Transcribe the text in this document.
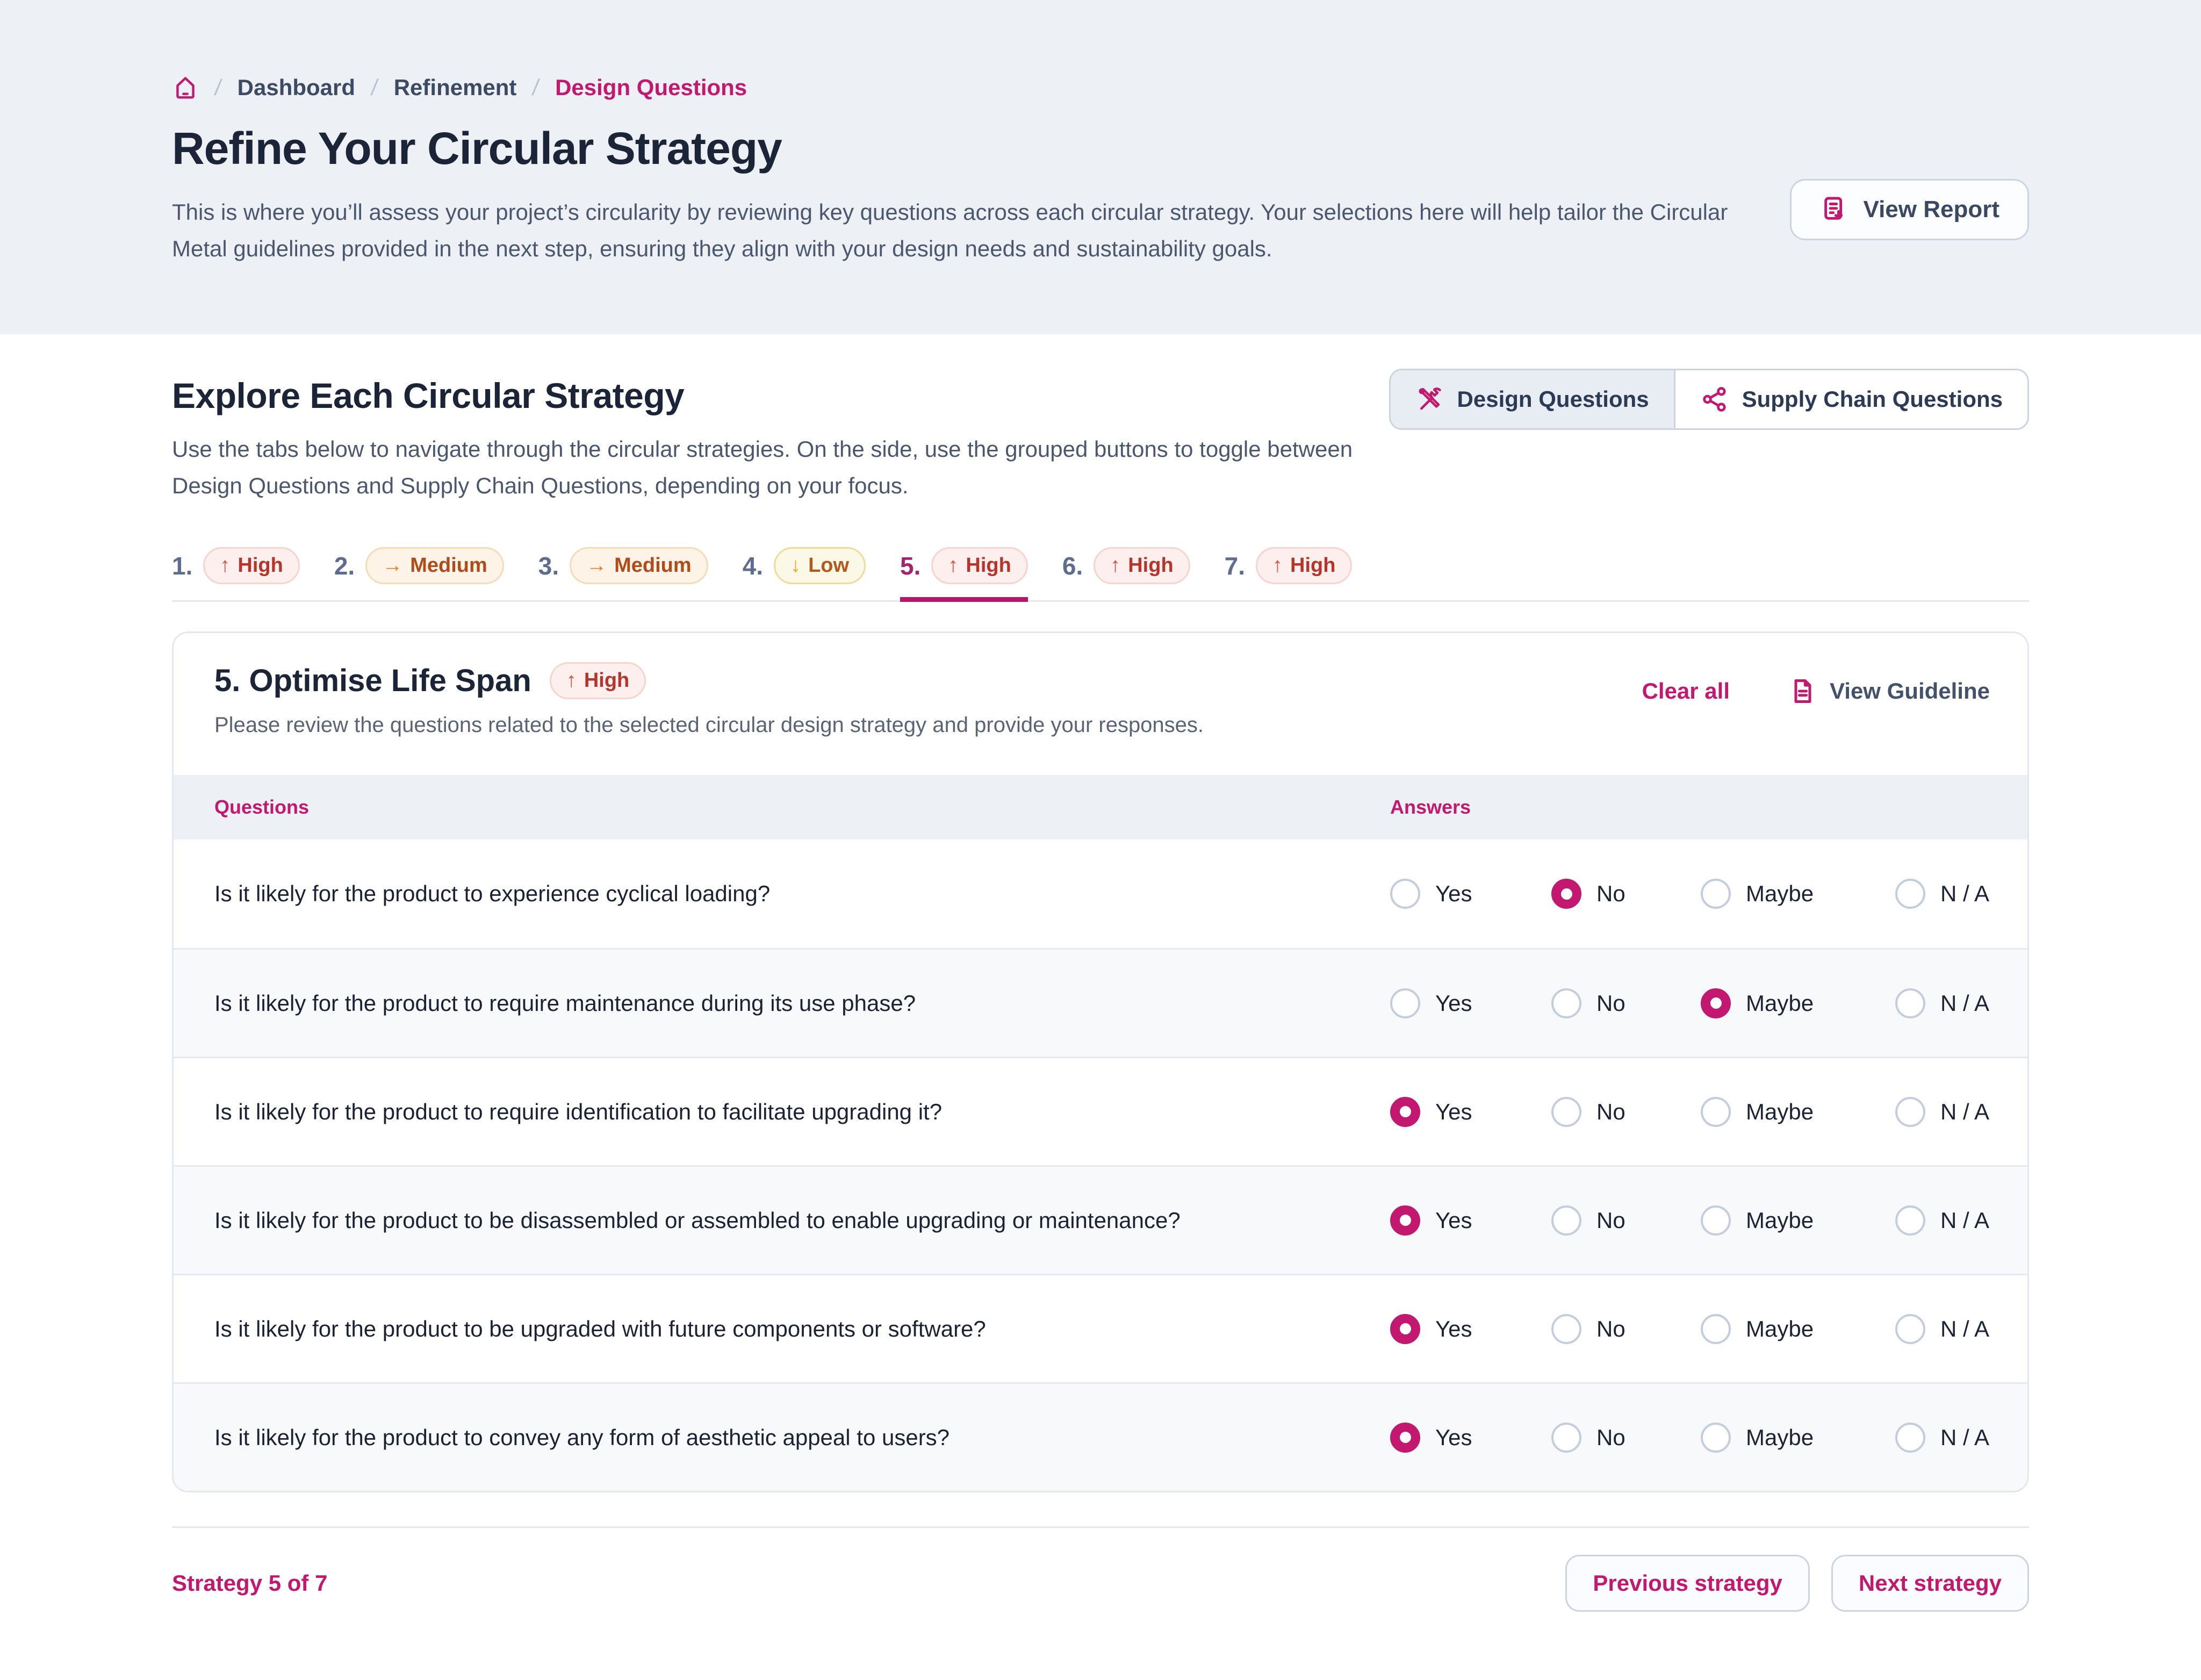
/ Dashboard / Refinement / Design Questions
Refine Your Circular Strategy

This is where you’ll assess your project’s circularity by reviewing key questions across each circular strategy. Your selections here will help tailor the Circular Metal guidelines provided in the next step, ensuring they align with your design needs and sustainability goals.

View Report
Explore Each Circular Strategy

Use the tabs below to navigate through the circular strategies. On the side, use the grouped buttons to toggle between Design Questions and Supply Chain Questions, depending on your focus.

Design Questions	Supply Chain Questions
1. ↑ High 2. → Medium 3. → Medium 4. ↓ Low 5. ↑ High 6. ↑ High 7. ↑ High
5. Optimise Life Span ↑ High

Please review the questions related to the selected circular design strategy and provide your responses.

Clear all	View Guideline
Questions	Answers
Is it likely for the product to experience cyclical loading?	Yes	No	Maybe	N / A
Is it likely for the product to require maintenance during its use phase?	Yes	No	Maybe	N / A
Is it likely for the product to require identification to facilitate upgrading it?	Yes	No	Maybe	N / A
Is it likely for the product to be disassembled or assembled to enable upgrading or maintenance?	Yes	No	Maybe	N / A
Is it likely for the product to be upgraded with future components or software?	Yes	No	Maybe	N / A
Is it likely for the product to convey any form of aesthetic appeal to users?	Yes	No	Maybe	N / A
Strategy 5 of 7	Previous strategy	Next strategy
